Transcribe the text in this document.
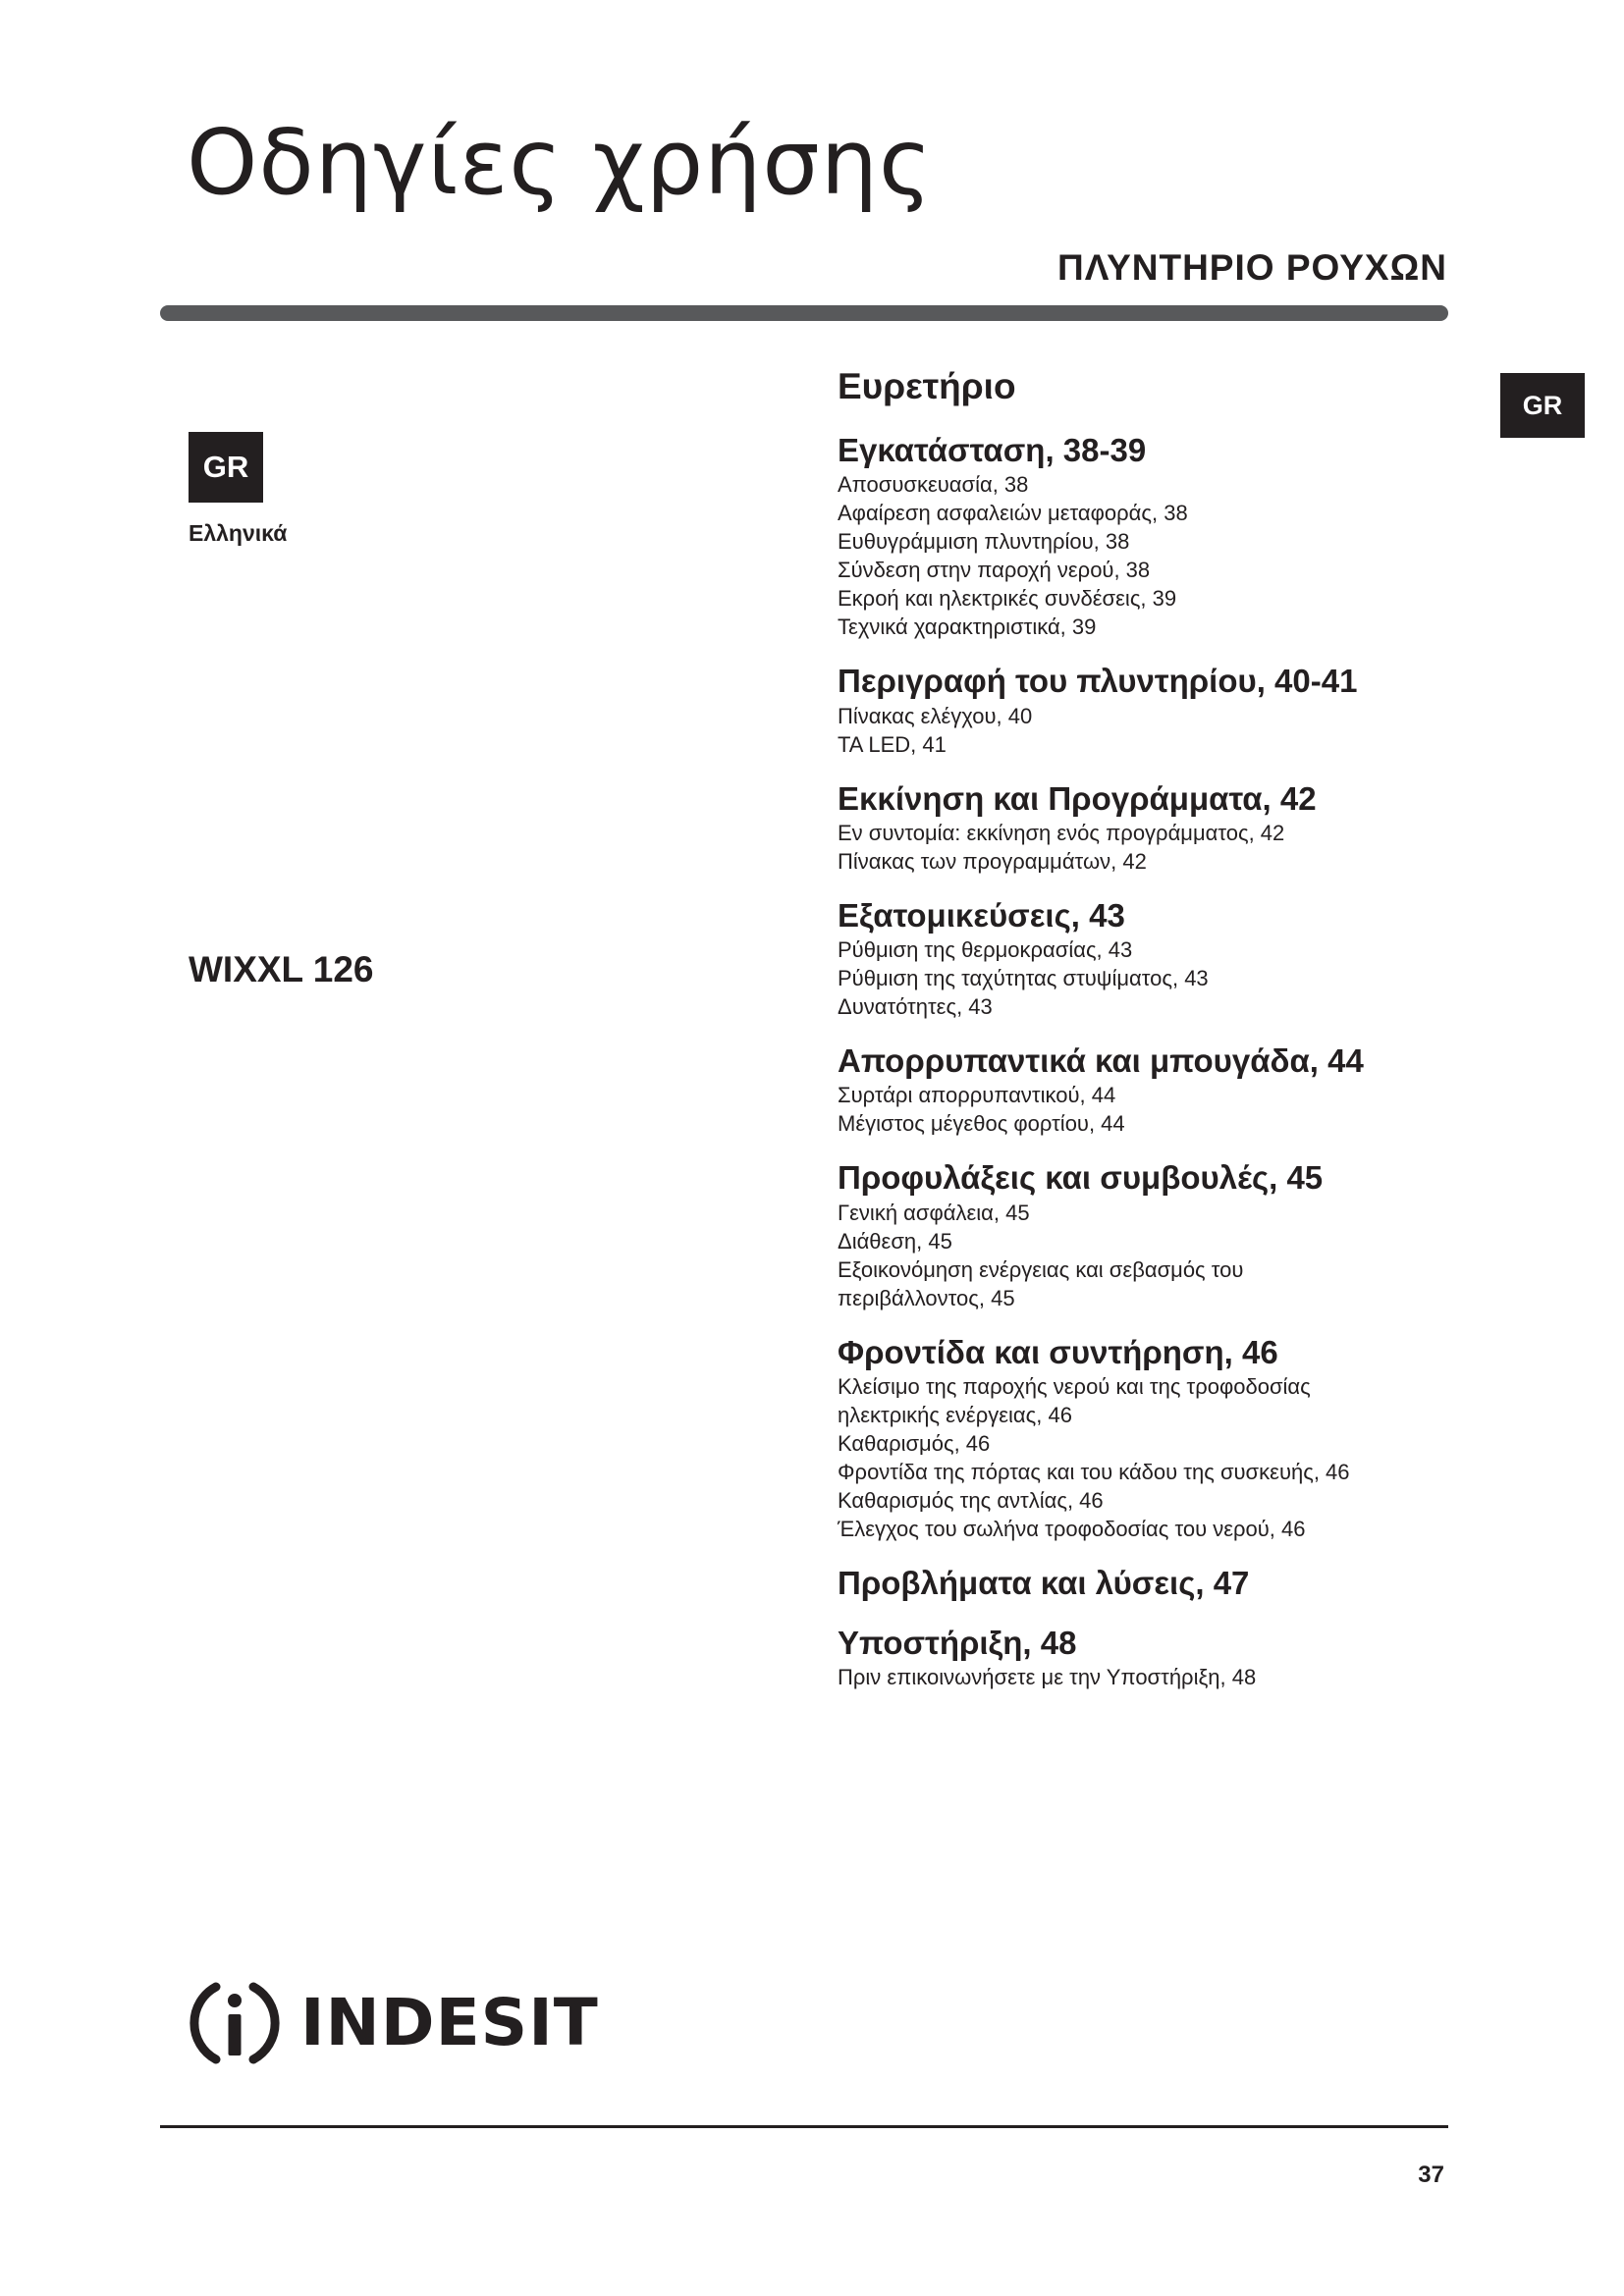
Οδηγίες χρήσης
ΠΛΥΝΤΗΡΙΟ ΡΟΥΧΩΝ
GR
GR
Ελληνικά
WIXXL 126
Ευρετήριο
Εγκατάσταση, 38-39
Αποσυσκευασία, 38
Αφαίρεση ασφαλειών μεταφοράς, 38
Ευθυγράμμιση πλυντηρίου, 38
Σύνδεση στην παροχή νερού, 38
Εκροή και ηλεκτρικές συνδέσεις, 39
Τεχνικά χαρακτηριστικά, 39
Περιγραφή του πλυντηρίου, 40-41
Πίνακας ελέγχου, 40
ΤΑ LED, 41
Εκκίνηση και Προγράμματα, 42
Εν συντομία: εκκίνηση ενός προγράμματος, 42
Πίνακας των προγραμμάτων, 42
Εξατομικεύσεις, 43
Ρύθμιση της θερμοκρασίας, 43
Ρύθμιση της ταχύτητας στυψίματος, 43
Δυνατότητες, 43
Απορρυπαντικά και μπουγάδα, 44
Συρτάρι απορρυπαντικού, 44
Μέγιστος μέγεθος φορτίου, 44
Προφυλάξεις και συμβουλές, 45
Γενική ασφάλεια, 45
Διάθεση, 45
Εξοικονόμηση ενέργειας και σεβασμός του
περιβάλλοντος, 45
Φροντίδα και συντήρηση, 46
Κλείσιμο της παροχής νερού και της τροφοδοσίας
ηλεκτρικής ενέργειας, 46
Καθαρισμός, 46
Φροντίδα της πόρτας και του κάδου της συσκευής, 46
Καθαρισμός της αντλίας, 46
Έλεγχος του σωλήνα τροφοδοσίας του νερού, 46
Προβλήματα και λύσεις, 47
Υποστήριξη, 48
Πριν επικοινωνήσετε με την Υποστήριξη, 48
INDESIT
37
